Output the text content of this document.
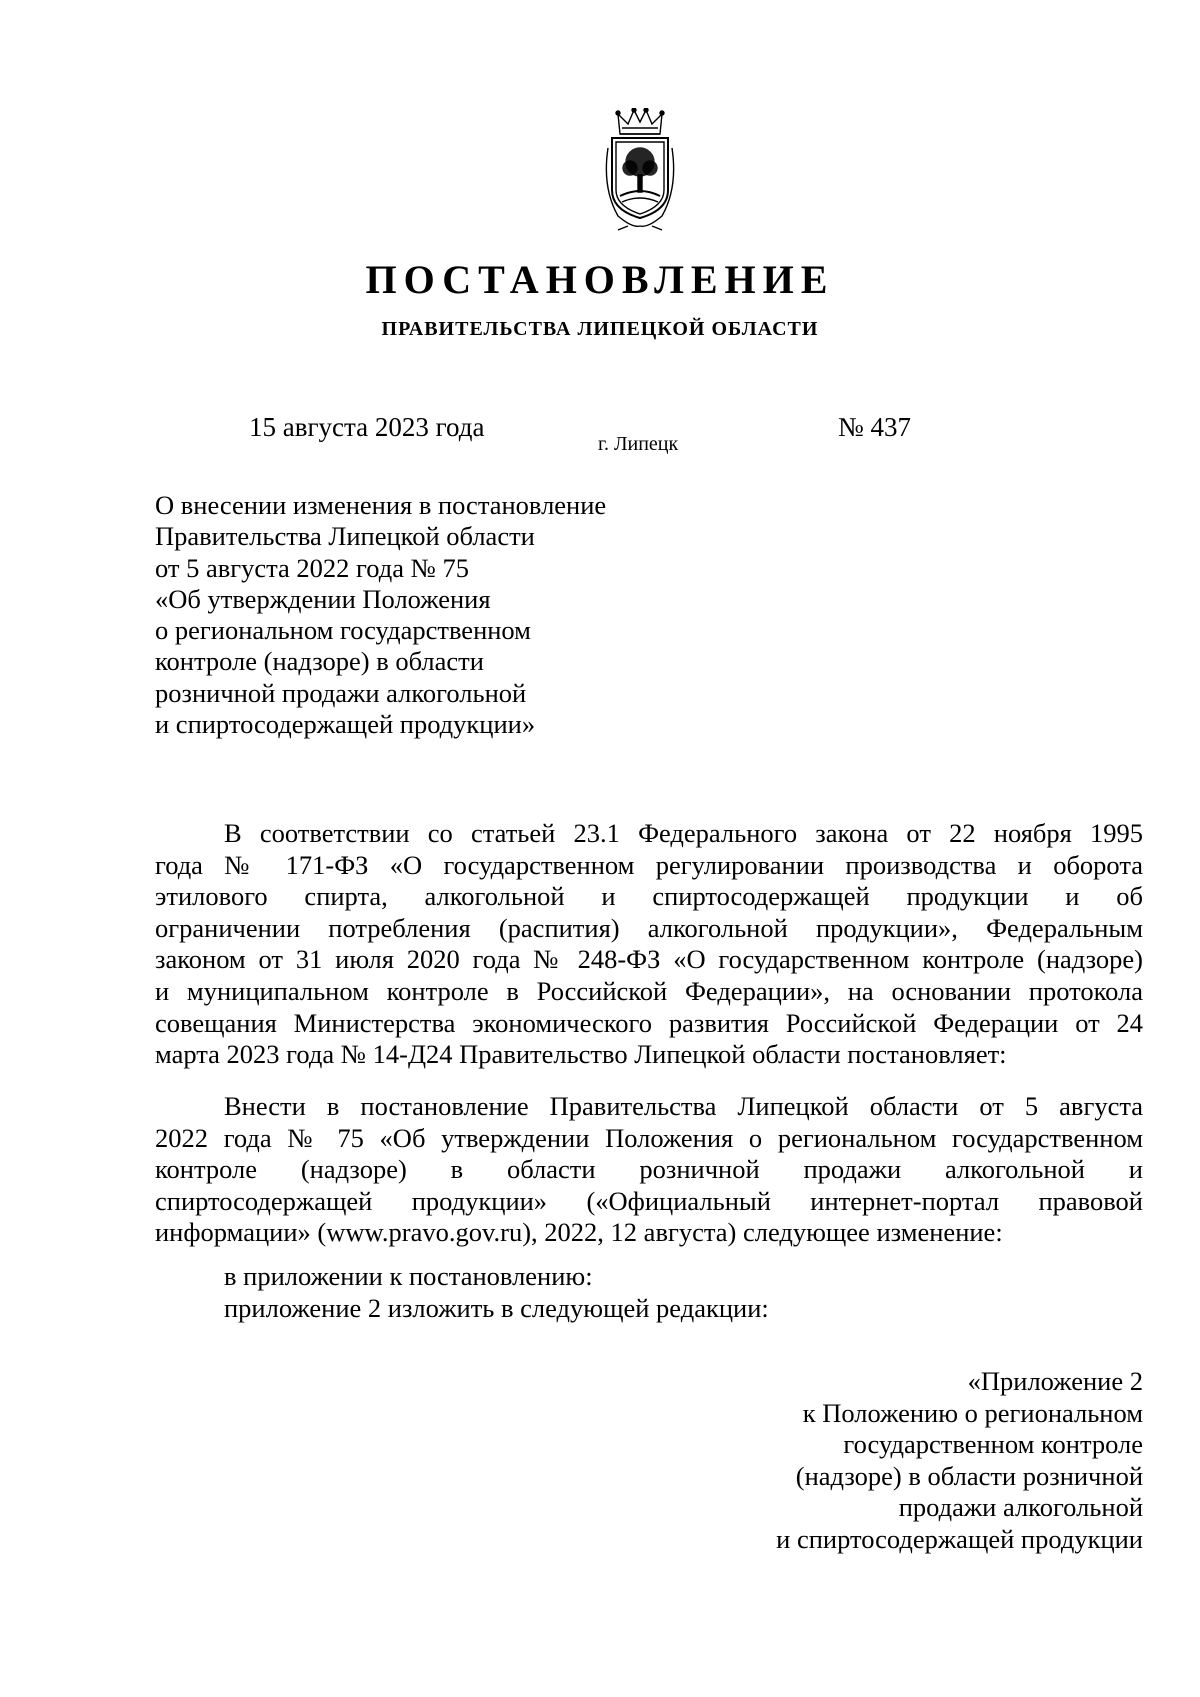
ПОСТАНОВЛЕНИЕ
ПРАВИТЕЛЬСТВА ЛИПЕЦКОЙ ОБЛАСТИ
15 августа 2023 года
г. Липецк
№ 437
О внесении изменения в постановление
Правительства Липецкой области
от 5 августа 2022 года № 75
«Об утверждении Положения
о региональном государственном
контроле (надзоре) в области
розничной продажи алкогольной
и спиртосодержащей продукции»
В соответствии со статьей 23.1 Федерального закона от 22 ноября 1995
года № 171-ФЗ «О государственном регулировании производства и оборота
этилового спирта, алкогольной и спиртосодержащей продукции и об
ограничении потребления (распития) алкогольной продукции», Федеральным
законом от 31 июля 2020 года № 248-ФЗ «О государственном контроле (надзоре)
и муниципальном контроле в Российской Федерации», на основании протокола
совещания Министерства экономического развития Российской Федерации от 24
марта 2023 года № 14-Д24 Правительство Липецкой области постановляет:
Внести в постановление Правительства Липецкой области от 5 августа
2022 года № 75 «Об утверждении Положения о региональном государственном
контроле (надзоре) в области розничной продажи алкогольной и
спиртосодержащей продукции» («Официальный интернет-портал правовой
информации» (www.pravo.gov.ru), 2022, 12 августа) следующее изменение:
в приложении к постановлению:
приложение 2 изложить в следующей редакции:
«Приложение 2
к Положению о региональном
государственном контроле
(надзоре) в области розничной
продажи алкогольной
и спиртосодержащей продукции
